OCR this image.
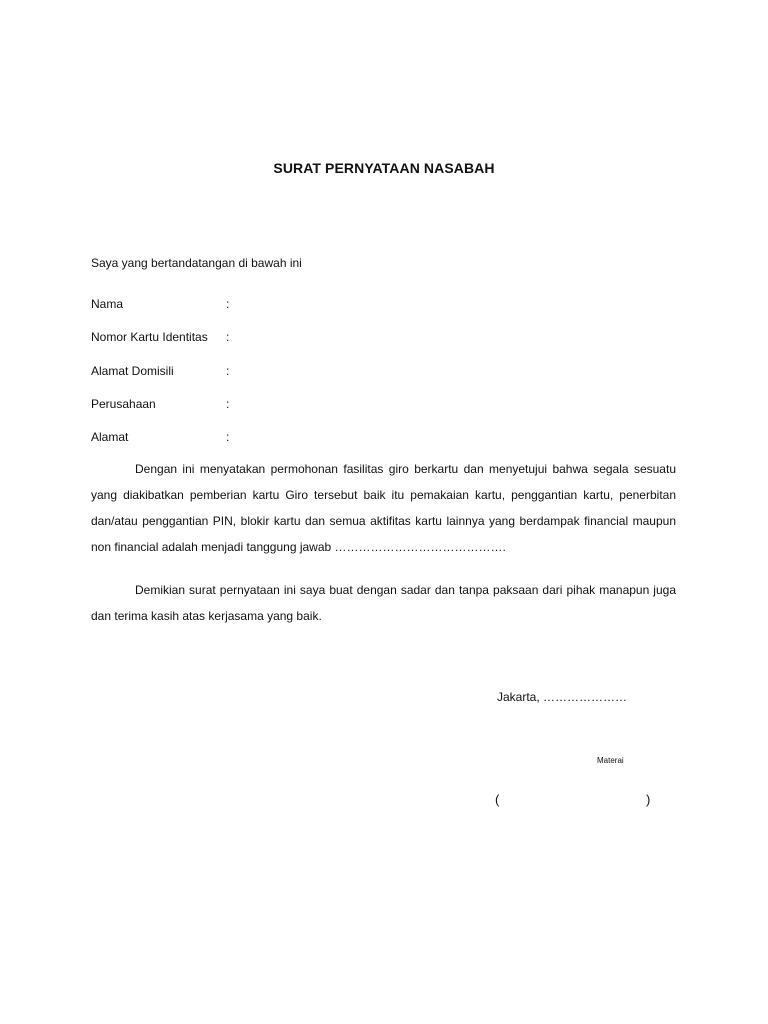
SURAT PERNYATAAN NASABAH
Saya yang bertandatangan di bawah ini
Nama	:
Nomor Kartu Identitas :
Alamat Domisili	:
Perusahaan	:
Alamat	:

Dengan ini menyatakan permohonan fasilitas giro berkartu dan menyetujui bahwa segala sesuatu yang diakibatkan pemberian kartu Giro tersebut baik itu pemakaian kartu, penggantian kartu, penerbitan dan/atau penggantian PIN, blokir kartu dan semua aktifitas kartu lainnya yang berdampak financial maupun non financial adalah menjadi tanggung jawab …………………………………….

Demikian surat pernyataan ini saya buat dengan sadar dan tanpa paksaan dari pihak manapun juga dan terima kasih atas kerjasama yang baik.

Jakarta, …………………
Materai
(	)
